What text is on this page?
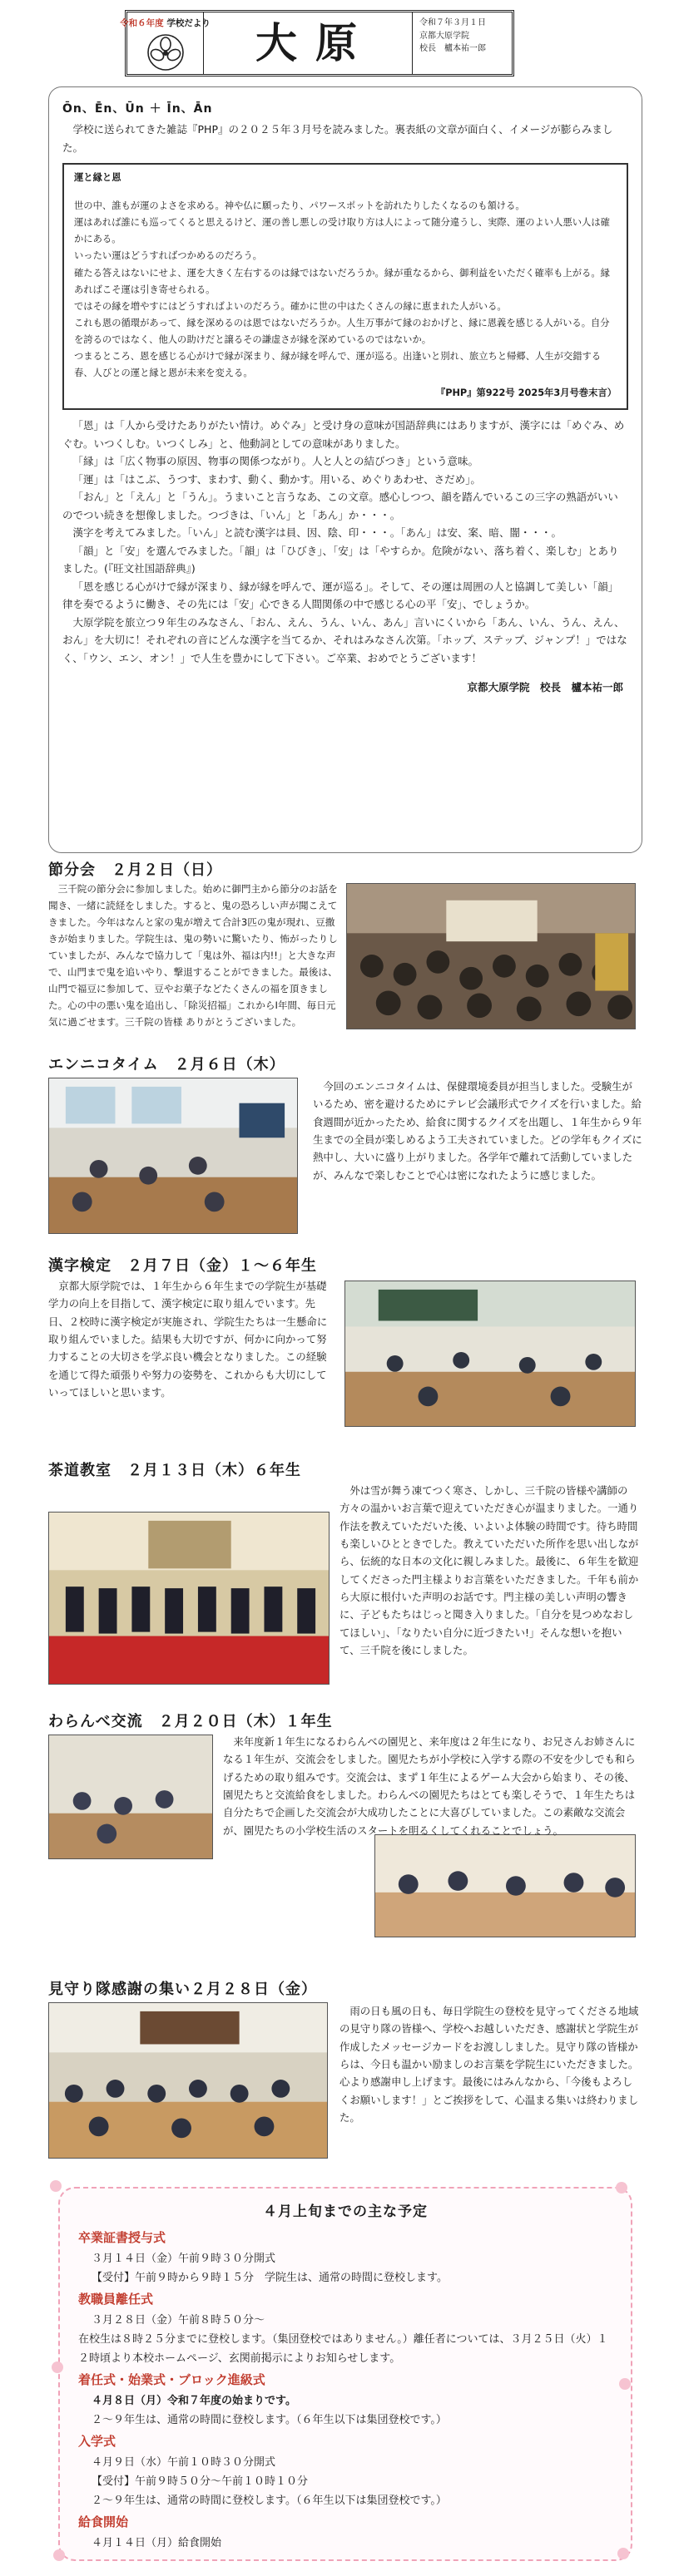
令和６年度 学校だより	大原	令和７年３月１日
京都大原学院
校長　櫨本祐一郎
Ōn、Ēn、Ūn ＋ Īn、Ān
学校に送られてきた雑誌『PHP』の２０２５年３月号を読みました。裏表紙の文章が面白く、イメージが膨らみました。
運と縁と恩

世の中、誰もが運のよさを求める。神や仏に願ったり、パワースポットを訪れたりしたくなるのも頷ける。

運はあれば誰にも巡ってくると思えるけど、運の善し悪しの受け取り方は人によって随分違うし、実際、運のよい人悪い人は確かにある。

いったい運はどうすればつかめるのだろう。

確たる答えはないにせよ、運を大きく左右するのは縁ではないだろうか。縁が重なるから、御利益をいただく確率も上がる。縁あればこそ運は引き寄せられる。

ではその縁を増やすにはどうすればよいのだろう。確かに世の中はたくさんの縁に恵まれた人がいる。

これも恩の循環があって、縁を深めるのは恩ではないだろうか。人生万事がて縁のおかげと、縁に恩義を感じる人がいる。自分を誇るのではなく、他人の助けだと譲るその謙虚さが縁を深めているのではないか。

つまるところ、恩を感じる心がけで縁が深まり、縁が縁を呼んで、運が巡る。出逢いと別れ、旅立ちと帰郷、人生が交錯する春、人びとの運と縁と恩が未来を変える。

『PHP』第922号 2025年3月号巻末言）

「恩」は「人から受けたありがたい情け。めぐみ」と受け身の意味が国語辞典にはありますが、漢字には「めぐみ、めぐむ。いつくしむ。いつくしみ」と、他動詞としての意味がありました。

「縁」は「広く物事の原因、物事の関係つながり。人と人との結びつき」という意味。

「運」は「はこぶ、うつす、まわす、動く、動かす。用いる、めぐりあわせ、さだめ」。

「おん」と「えん」と「うん」。うまいこと言うなあ、この文章。感心しつつ、韻を踏んでいるこの三字の熟語がいいのでつい続きを想像しました。つづきは、「いん」と「あん」か・・・。

漢字を考えてみました。「いん」と読む漢字は員、因、陰、印・・・。「あん」は安、案、暗、闇・・・。

「韻」と「安」を選んでみました。「韻」は「ひびき」、「安」は「やすらか。危険がない、落ち着く、楽しむ」とありました。(『旺文社国語辞典』)

「恩を感じる心がけで縁が深まり、縁が縁を呼んで、運が巡る」。そして、その運は周囲の人と協調して美しい「韻」律を奏でるように働き、その先には「安」心できる人間関係の中で感じる心の平「安」、でしょうか。

大原学院を旅立つ９年生のみなさん、「おん、えん、うん、いん、あん」言いにくいから「あん、いん、うん、えん、おん」を大切に！それぞれの音にどんな漢字を当てるか、それはみなさん次第。「ホップ、ステップ、ジャンプ！」ではなく、「ウン、エン、オン！」で人生を豊かにして下さい。ご卒業、おめでとうございます！

京都大原学院　校長　櫨本祐一郎
節分会　２月２日（日）
三千院の節分会に参加しました。始めに御門主から節分のお話を聞き、一緒に読経をしました。すると、鬼の恐ろしい声が聞こえてきました。今年はなんと家の鬼が増えて合計3匹の鬼が現れ、豆撒きが始まりました。学院生は、鬼の勢いに驚いたり、怖がったりしていましたが、みんなで協力して「鬼は外、福は内!!」と大きな声で、山門まで鬼を追いやり、撃退することができました。最後は、山門で福豆に参加して、豆やお菓子などたくさんの福を頂きました。心の中の悪い鬼を追出し、「除災招福」これからⅠ年間、毎日元気に過ごせます。三千院の皆様 ありがとうございました。
エンニコタイム　２月６日（木）
今回のエンニコタイムは、保健環境委員が担当しました。受験生がいるため、密を避けるためにテレビ会議形式でクイズを行いました。給食週間が近かったため、給食に関するクイズを出題し、１年生から９年生までの全員が楽しめるよう工夫されていました。どの学年もクイズに熱中し、大いに盛り上がりました。各学年で離れて活動していましたが、みんなで楽しむことで心は密になれたように感じました。
漢字検定　２月７日（金）１～６年生
京都大原学院では、１年生から６年生までの学院生が基礎学力の向上を目指して、漢字検定に取り組んでいます。先日、２校時に漢字検定が実施され、学院生たちは一生懸命に取り組んでいました。結果も大切ですが、何かに向かって努力することの大切さを学ぶ良い機会となりました。この経験を通じて得た頑張りや努力の姿勢を、これからも大切にしていってほしいと思います。
茶道教室　２月１３日（木）６年生
外は雪が舞う凍てつく寒さ、しかし、三千院の皆様や講師の方々の温かいお言葉で迎えていただき心が温まりました。一通り作法を教えていただいた後、いよいよ体験の時間です。待ち時間も楽しいひとときでした。教えていただいた所作を思い出しながら、伝統的な日本の文化に親しみました。最後に、６年生を歓迎してくださった門主様よりお言葉をいただきました。千年も前から大原に根付いた声明のお話です。門主様の美しい声明の響きに、子どもたちはじっと聞き入りました。「自分を見つめなおしてほしい」、「なりたい自分に近づきたい!」そんな想いを抱いて、三千院を後にしました。
わらんべ交流　２月２０日（木）１年生
来年度新１年生になるわらんべの園児と、来年度は２年生になり、お兄さんお姉さんになる１年生が、交流会をしました。園児たちが小学校に入学する際の不安を少しでも和らげるための取り組みです。交流会は、まず１年生によるゲーム大会から始まり、その後、園児たちと交流給食をしました。わらんべの園児たちはとても楽しそうで、１年生たちは自分たちで企画した交流会が大成功したことに大喜びしていました。この素敵な交流会が、園児たちの小学校生活のスタートを明るくしてくれることでしょう。
見守り隊感謝の集い２月２８日（金）
雨の日も風の日も、毎日学院生の登校を見守ってくださる地域の見守り隊の皆様へ、学校へお越しいただき、感謝状と学院生が作成したメッセージカードをお渡ししました。見守り隊の皆様からは、今日も温かい励ましのお言葉を学院生にいただきました。心より感謝申し上げます。最後にはみんなから、「今後もよろしくお願いします！」とご挨拶をして、心温まる集いは終わりました。
４月上旬までの主な予定
卒業証書授与式
３月１４日（金）午前９時３０分開式
【受付】午前９時から９時１５分　学院生は、通常の時間に登校します。
教職員離任式
３月２８日（金）午前８時５０分～
在校生は８時２５分までに登校します。（集団登校ではありません。）離任者については、３月２５日（火）１２時頃より本校ホームページ、玄関前掲示によりお知らせします。
着任式・始業式・ブロック進級式
４月８日（月）令和７年度の始まりです。
２～９年生は、通常の時間に登校します。（６年生以下は集団登校です。）
入学式
４月９日（水）午前１０時３０分開式
【受付】午前９時５０分～午前１０時１０分
２～９年生は、通常の時間に登校します。（６年生以下は集団登校です。）
給食開始
４月１４日（月）給食開始
